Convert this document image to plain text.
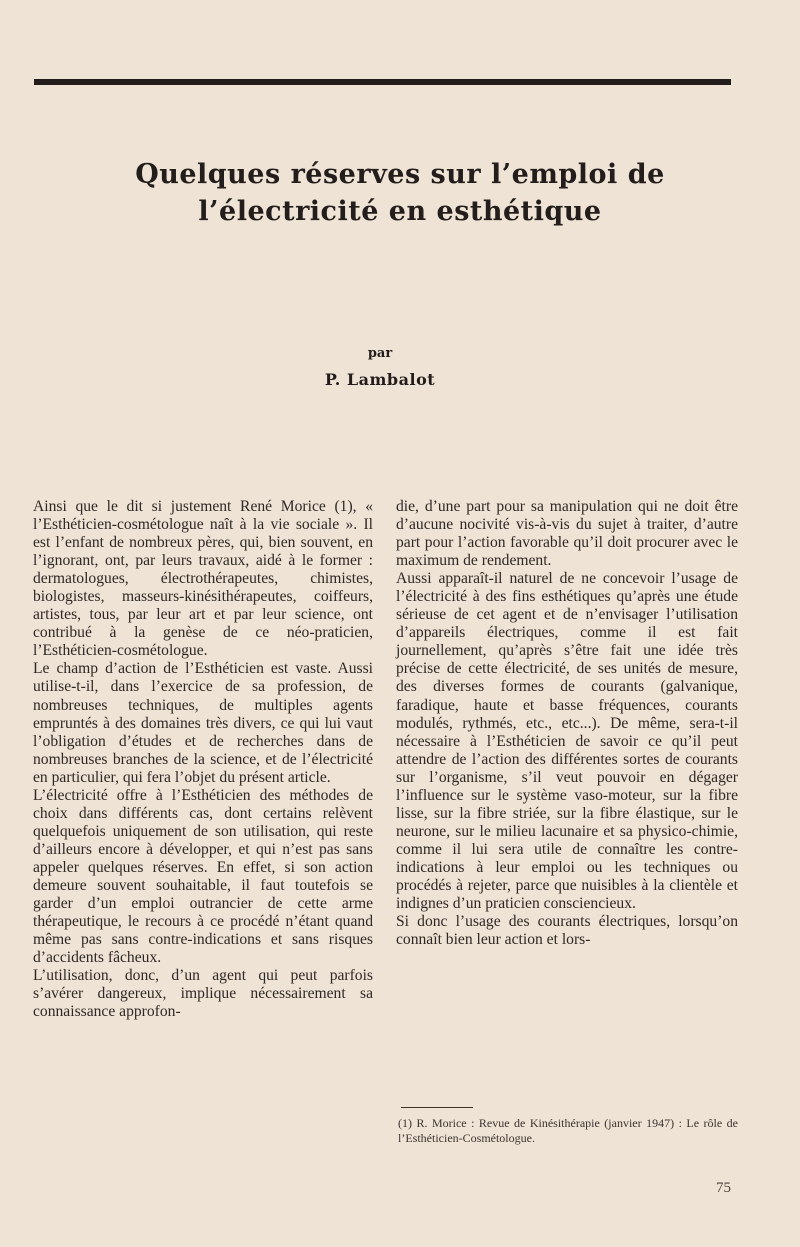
Quelques réserves sur l’emploi de l’électricité en esthétique
par
P. Lambalot

Ainsi que le dit si justement René Morice (1), « l’Esthéticien-cosmétologue naît à la vie sociale ». Il est l’enfant de nombreux pères, qui, bien souvent, en l’ignorant, ont, par leurs travaux, aidé à le former : dermatologues, électrothérapeutes, chimistes, biologistes, masseurs-kinésithérapeutes, coiffeurs, artistes, tous, par leur art et par leur science, ont contribué à la genèse de ce néo-praticien, l’Esthéticien-cosmétologue.

Le champ d’action de l’Esthéticien est vaste. Aussi utilise-t-il, dans l’exercice de sa profession, de nombreuses techniques, de multiples agents empruntés à des domaines très divers, ce qui lui vaut l’obligation d’études et de recherches dans de nombreuses branches de la science, et de l’électricité en particulier, qui fera l’objet du présent article.

L’électricité offre à l’Esthéticien des méthodes de choix dans différents cas, dont certains relèvent quelquefois uniquement de son utilisation, qui reste d’ailleurs encore à développer, et qui n’est pas sans appeler quelques réserves. En effet, si son action demeure souvent souhaitable, il faut toutefois se garder d’un emploi outrancier de cette arme thérapeutique, le recours à ce procédé n’étant quand même pas sans contre-indications et sans risques d’accidents fâcheux.

L’utilisation, donc, d’un agent qui peut parfois s’avérer dangereux, implique nécessairement sa connaissance approfon-

die, d’une part pour sa manipulation qui ne doit être d’aucune nocivité vis-à-vis du sujet à traiter, d’autre part pour l’action favorable qu’il doit procurer avec le maximum de rendement.

Aussi apparaît-il naturel de ne concevoir l’usage de l’électricité à des fins esthétiques qu’après une étude sérieuse de cet agent et de n’envisager l’utilisation d’appareils électriques, comme il est fait journellement, qu’après s’être fait une idée très précise de cette électricité, de ses unités de mesure, des diverses formes de courants (galvanique, faradique, haute et basse fréquences, courants modulés, rythmés, etc., etc...). De même, sera-t-il nécessaire à l’Esthéticien de savoir ce qu’il peut attendre de l’action des différentes sortes de courants sur l’organisme, s’il veut pouvoir en dégager l’influence sur le système vaso-moteur, sur la fibre lisse, sur la fibre striée, sur la fibre élastique, sur le neurone, sur le milieu lacunaire et sa physico-chimie, comme il lui sera utile de connaître les contre-indications à leur emploi ou les techniques ou procédés à rejeter, parce que nuisibles à la clientèle et indignes d’un praticien consciencieux.

Si donc l’usage des courants électriques, lorsqu’on connaît bien leur action et lors-

(1) R. Morice : Revue de Kinésithérapie (janvier 1947) : Le rôle de l’Esthéticien-Cosmétologue.

75
